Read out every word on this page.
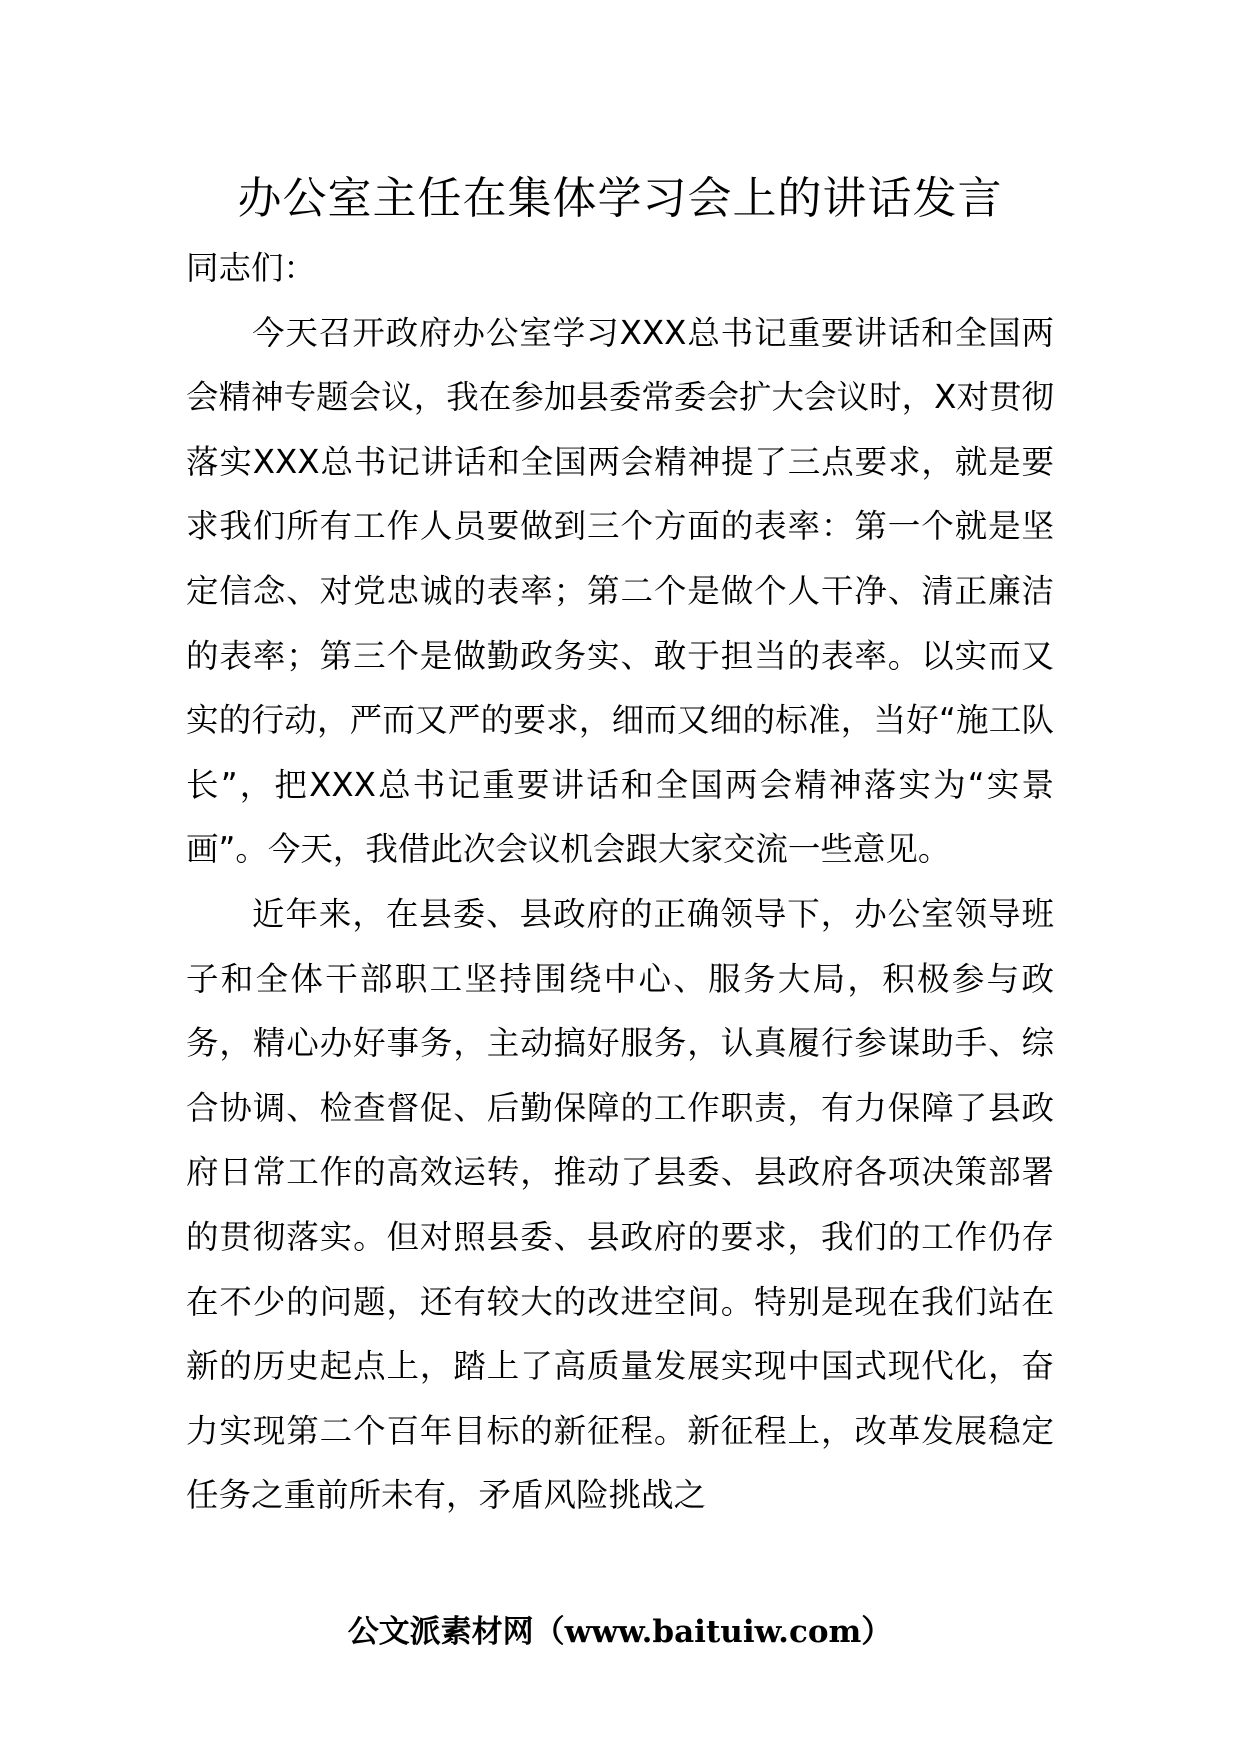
办公室主任在集体学习会上的讲话发言

同志们：

今天召开政府办公室学习XXX总书记重要讲话和全国两会精神专题会议，我在参加县委常委会扩大会议时，X对贯彻落实XXX总书记讲话和全国两会精神提了三点要求，就是要求我们所有工作人员要做到三个方面的表率：第一个就是坚定信念、对党忠诚的表率；第二个是做个人干净、清正廉洁的表率；第三个是做勤政务实、敢于担当的表率。以实而又实的行动，严而又严的要求，细而又细的标准，当好“施工队长”，把XXX总书记重要讲话和全国两会精神落实为“实景画”。今天，我借此次会议机会跟大家交流一些意见。

近年来，在县委、县政府的正确领导下，办公室领导班子和全体干部职工坚持围绕中心、服务大局，积极参与政务，精心办好事务，主动搞好服务，认真履行参谋助手、综合协调、检查督促、后勤保障的工作职责，有力保障了县政府日常工作的高效运转，推动了县委、县政府各项决策部署的贯彻落实。但对照县委、县政府的要求，我们的工作仍存在不少的问题，还有较大的改进空间。特别是现在我们站在新的历史起点上，踏上了高质量发展实现中国式现代化，奋力实现第二个百年目标的新征程。新征程上，改革发展稳定任务之重前所未有，矛盾风险挑战之

公文派素材网（www.baituiw.com）
